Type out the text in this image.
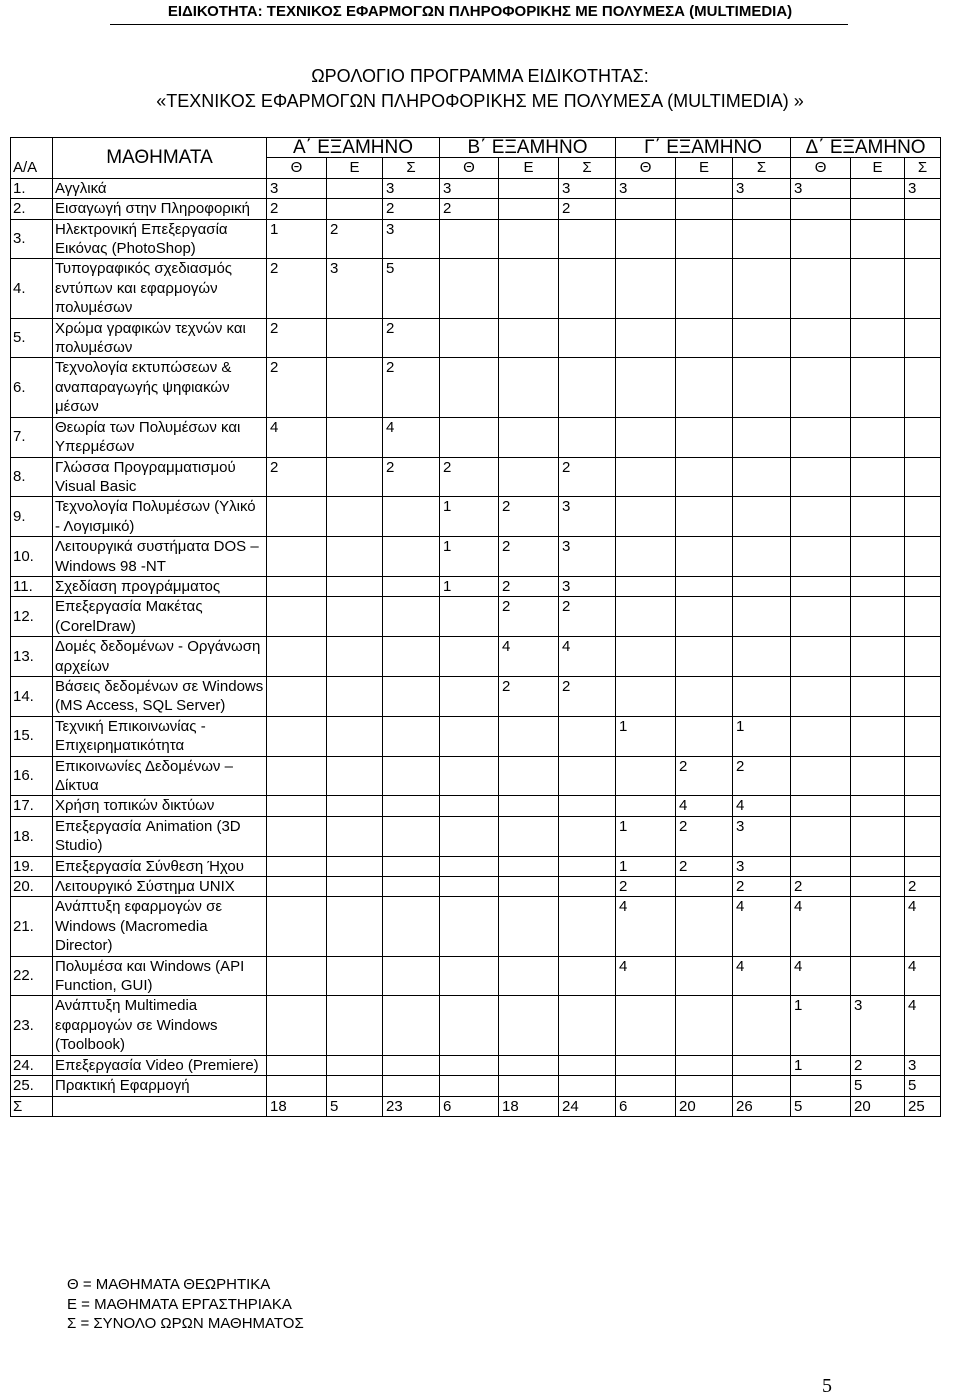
ΕΙΔΙΚΟΤΗΤΑ: ΤΕΧΝΙΚΟΣ ΕΦΑΡΜΟΓΩΝ ΠΛΗΡΟΦΟΡΙΚΗΣ ΜΕ ΠΟΛΥΜΕΣΑ (MULTIMEDIA)
ΩΡΟΛΟΓΙΟ ΠΡΟΓΡΑΜΜΑ ΕΙΔΙΚΟΤΗΤΑΣ:
«ΤΕΧΝΙΚΟΣ ΕΦΑΡΜΟΓΩΝ ΠΛΗΡΟΦΟΡΙΚΗΣ ΜΕ ΠΟΛΥΜΕΣΑ (MULTIMEDIA) »
Α/Α	ΜΑΘΗΜΑΤΑ	Α΄ ΕΞΑΜΗΝΟ			Β΄ ΕΞΑΜΗΝΟ			Γ΄ ΕΞΑΜΗΝΟ			Δ΄ ΕΞΑΜΗΝΟ		
		Θ	Ε	Σ	Θ	Ε	Σ	Θ	Ε	Σ	Θ	Ε	Σ
1.	Αγγλικά	3		3	3		3	3		3	3		3
2.	Εισαγωγή στην Πληροφορική	2		2	2		2						
3.	Ηλεκτρονική Επεξεργασία Εικόνας (PhotoShop)	1	2	3									
4.	Τυπογραφικός σχεδιασμός εντύπων και εφαρμογών πολυμέσων	2	3	5									
5.	Χρώμα γραφικών τεχνών και πολυμέσων	2		2									
6.	Τεχνολογία εκτυπώσεων & αναπαραγωγής ψηφιακών μέσων	2		2									
7.	Θεωρία των Πολυμέσων και Υπερμέσων	4		4									
8.	Γλώσσα Προγραμματισμού Visual Basic	2		2	2		2						
9.	Τεχνολογία Πολυμέσων (Υλικό - Λογισμικό)				1	2	3						
10.	Λειτουργικά συστήματα DOS – Windows 98 -NT				1	2	3						
11.	Σχεδίαση προγράμματος				1	2	3						
12.	Επεξεργασία Μακέτας (CorelDraw)					2	2						
13.	Δομές δεδομένων - Οργάνωση αρχείων					4	4						
14.	Βάσεις δεδομένων σε Windows (MS Access, SQL Server)					2	2						
15.	Τεχνική Επικοινωνίας - Επιχειρηματικότητα							1		1			
16.	Επικοινωνίες Δεδομένων – Δίκτυα								2	2			
17.	Χρήση τοπικών δικτύων								4	4			
18.	Επεξεργασία Animation (3D Studio)							1	2	3			
19.	Επεξεργασία Σύνθεση Ήχου							1	2	3			
20.	Λειτουργικό Σύστημα UNIX							2		2	2		2
21.	Ανάπτυξη εφαρμογών σε Windows (Macromedia Director)							4		4	4		4
22.	Πολυμέσα και Windows (API Function, GUI)							4		4	4		4
23.	Ανάπτυξη Multimedia εφαρμογών σε Windows (Toolbook)										1	3	4
24.	Επεξεργασία Video (Premiere)										1	2	3
25.	Πρακτική Εφαρμογή											5	5
Σ		18	5	23	6	18	24	6	20	26	5	20	25
Θ = ΜΑΘΗΜΑΤΑ ΘΕΩΡΗΤΙΚΑ
Ε = ΜΑΘΗΜΑΤΑ ΕΡΓΑΣΤΗΡΙΑΚΑ
Σ = ΣΥΝΟΛΟ ΩΡΩΝ ΜΑΘΗΜΑΤΟΣ
5
